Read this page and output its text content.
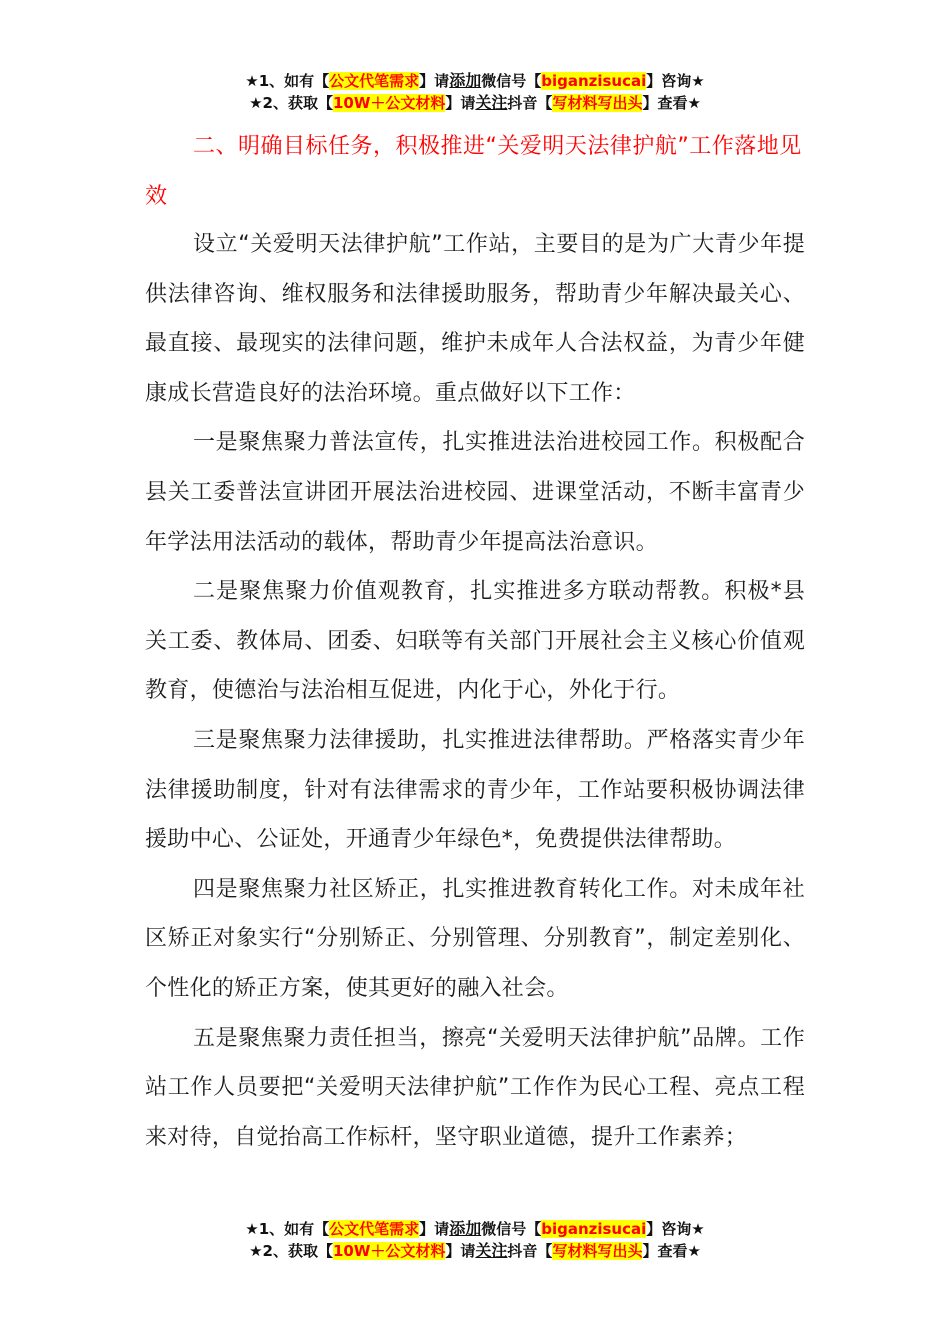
★1、如有【公文代笔需求】请添加微信号【biganzisucai】咨询★
★2、获取【10W＋公文材料】请关注抖音【写材料写出头】查看★
二、明确目标任务，积极推进“关爱明天法律护航”工作落地见效

设立“关爱明天法律护航”工作站，主要目的是为广大青少年提供法律咨询、维权服务和法律援助服务，帮助青少年解决最关心、最直接、最现实的法律问题，维护未成年人合法权益，为青少年健康成长营造良好的法治环境。重点做好以下工作：

一是聚焦聚力普法宣传，扎实推进法治进校园工作。积极配合县关工委普法宣讲团开展法治进校园、进课堂活动，不断丰富青少年学法用法活动的载体，帮助青少年提高法治意识。

二是聚焦聚力价值观教育，扎实推进多方联动帮教。积极*县关工委、教体局、团委、妇联等有关部门开展社会主义核心价值观教育，使德治与法治相互促进，内化于心，外化于行。

三是聚焦聚力法律援助，扎实推进法律帮助。严格落实青少年法律援助制度，针对有法律需求的青少年，工作站要积极协调法律援助中心、公证处，开通青少年绿色*，免费提供法律帮助。

四是聚焦聚力社区矫正，扎实推进教育转化工作。对未成年社区矫正对象实行“分别矫正、分别管理、分别教育”，制定差别化、个性化的矫正方案，使其更好的融入社会。

五是聚焦聚力责任担当，擦亮“关爱明天法律护航”品牌。工作站工作人员要把“关爱明天法律护航”工作作为民心工程、亮点工程来对待，自觉抬高工作标杆，坚守职业道德，提升工作素养；

★1、如有【公文代笔需求】请添加微信号【biganzisucai】咨询★
★2、获取【10W＋公文材料】请关注抖音【写材料写出头】查看★
